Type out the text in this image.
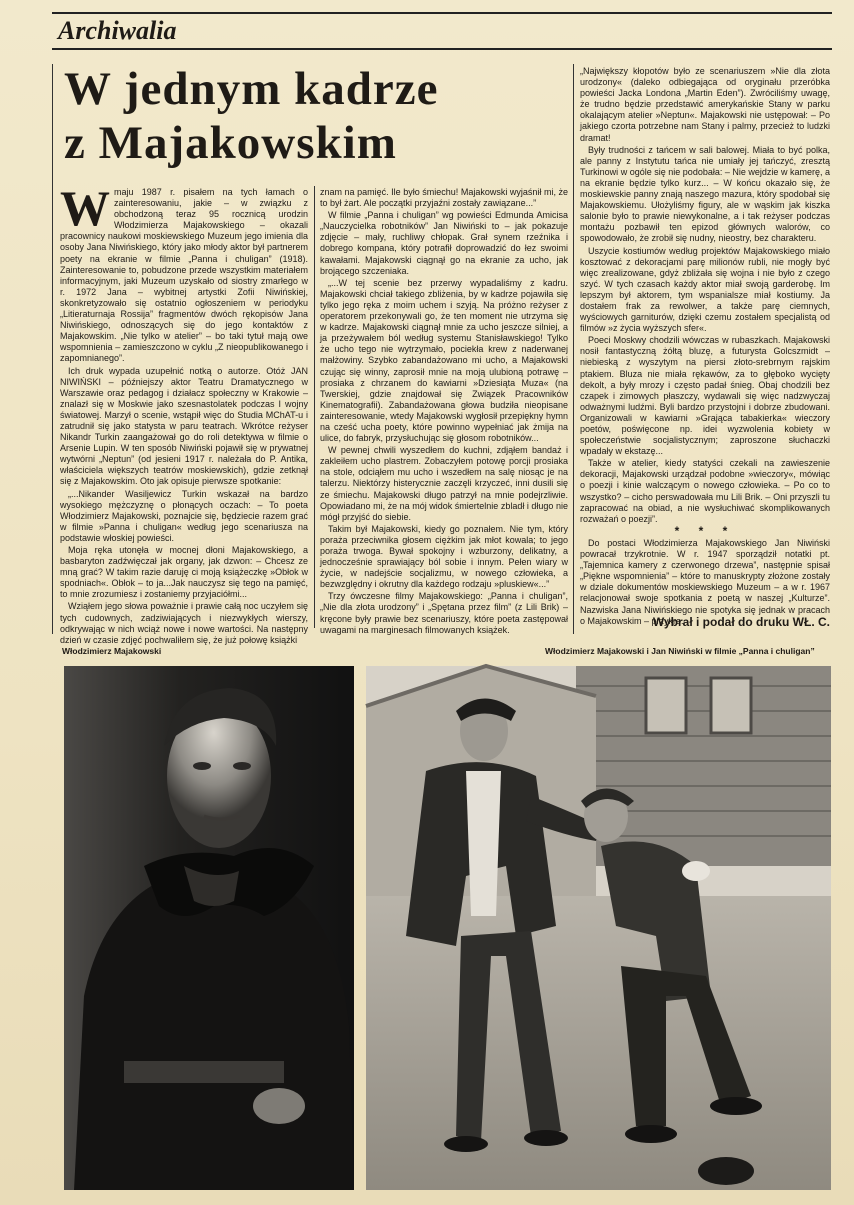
Archiwalia
W jednym kadrze
z Majakowskim

Wmaju 1987 r. pisałem na tych łamach o zainteresowaniu, jakie – w związku z obchodzoną teraz 95 rocznicą urodzin Włodzimierza Majakowskiego – okazali pracownicy naukowi moskiewskiego Muzeum jego imienia dla osoby Jana Niwińskiego, który jako młody aktor był partnerem poety na ekranie w filmie „Panna i chuligan” (1918). Zainteresowanie to, pobudzone przede wszystkim materiałem informacyjnym, jaki Muzeum uzyskało od siostry zmarłego w r. 1972 Jana – wybitnej artystki Zofii Niwińskiej, skonkretyzowało się ostatnio ogłoszeniem w periodyku „Litieraturnaja Rossija” fragmentów dwóch rękopisów Jana Niwińskiego, odnoszących się do jego kontaktów z Majakowskim. „Nie tylko w atelier” – bo taki tytuł mają owe wspomnienia – zamieszczono w cyklu „Z nieopublikowanego i zapomnianego”.

Ich druk wypada uzupełnić notką o autorze. Otóż JAN NIWIŃSKI – późniejszy aktor Teatru Dramatycznego w Warszawie oraz pedagog i działacz społeczny w Krakowie – znalazł się w Moskwie jako szesnastolatek podczas I wojny światowej. Marzył o scenie, wstąpił więc do Studia MChAT-u i zatrudnił się jako statysta w paru teatrach. Wkrótce reżyser Nikandr Turkin zaangażował go do roli detektywa w filmie o Arsenie Lupin. W ten sposób Niwiński pojawił się w prywatnej wytwórni „Neptun” (od jesieni 1917 r. należała do P. Antika, właściciela większych teatrów moskiewskich), gdzie zetknął się z Majakowskim. Oto jak opisuje pierwsze spotkanie:

„...Nikander Wasiljewicz Turkin wskazał na bardzo wysokiego mężczyznę o płonących oczach: – To poeta Włodzimierz Majakowski, poznajcie się, będziecie razem grać w filmie »Panna i chuligan« według jego scenariusza na podstawie włoskiej powieści.

Moja ręka utonęła w mocnej dłoni Majakowskiego, a basbaryton zadźwięczał jak organy, jak dzwon: – Chcesz ze mną grać? W takim razie daruję ci moją książeczkę »Obłok w spodniach«. Obłok – to ja...Jak nauczysz się tego na pamięć, to mnie zrozumiesz i zostaniemy przyjaciółmi...

Wziąłem jego słowa poważnie i prawie całą noc uczyłem się tych cudownych, zadziwiających i niezwykłych wierszy, odkrywając w nich wciąż nowe i nowe wartości. Na następny dzień w czasie zdjęć pochwaliłem się, że już połowę książki

znam na pamięć. Ile było śmiechu! Majakowski wyjaśnił mi, że to był żart. Ale początki przyjaźni zostały zawiązane...”

W filmie „Panna i chuligan” wg powieści Edmunda Amicisa „Nauczycielka robotników” Jan Niwiński to – jak pokazuje zdjęcie – mały, ruchliwy chłopak. Grał synem rzeźnika i dobrego kompana, który potrafił doprowadzić do łez swoimi kawałami. Majakowski ciągnął go na ekranie za ucho, jak brojącego szczeniaka.

„...W tej scenie bez przerwy wypadaliśmy z kadru. Majakowski chciał takiego zbliżenia, by w kadrze pojawiła się tylko jego ręka z moim uchem i szyją. Na próżno reżyser z operatorem przekonywali go, że ten moment nie utrzyma się w kadrze. Majakowski ciągnął mnie za ucho jeszcze silniej, a ja przeżywałem ból według systemu Stanisławskiego! Tylko że ucho tego nie wytrzymało, pociekła krew z naderwanej małżowiny. Szybko zabandażowano mi ucho, a Majakowski czując się winny, zaprosił mnie na moją ulubioną potrawę – prosiaka z chrzanem do kawiarni »Dziesiąta Muza« (na Twerskiej, gdzie znajdował się Związek Pracowników Kinematografii). Zabandażowana głowa budziła nieopisane zainteresowanie, wtedy Majakowski wygłosił przepiękny hymn na cześć ucha poety, które powinno wypełniać jak żmija na ulice, do fabryk, przysłuchując się głosom robotników...

W pewnej chwili wyszedłem do kuchni, zdjąłem bandaż i zakleiłem ucho plastrem. Zobaczyłem potowę porcji prosiaka na stole, odciąłem mu ucho i wszedłem na salę niosąc je na talerzu. Niektórzy histerycznie zaczęli krzyczeć, inni dusili się ze śmiechu. Majakowski długo patrzył na mnie podejrzliwie. Opowiadano mi, że na mój widok śmiertelnie zbladł i długo nie mógł przyjść do siebie.

Takim był Majakowski, kiedy go poznałem. Nie tym, który poraża przeciwnika głosem ciężkim jak młot kowala; to jego poraża trwoga. Bywał spokojny i wzburzony, delikatny, a jednocześnie sprawiający ból sobie i innym. Pełen wiary w życie, w nadejście socjalizmu, w nowego człowieka, a bezwzględny i okrutny dla każdego rodzaju »pluskiew«...”

Trzy ówczesne filmy Majakowskiego: „Panna i chuligan”, „Nie dla złota urodzony” i „Spętana przez film” (z Lili Brik) – kręcone były prawie bez scenariuszy, które poeta zastępował uwagami na marginesach filmowanych książek.

„Największy kłopotów było ze scenariuszem »Nie dla złota urodzony« (daleko odbiegająca od oryginału przeróbka powieści Jacka Londona „Martin Eden”). Zwróciliśmy uwagę, że trudno będzie przedstawić amerykańskie Stany w parku okalającym atelier »Neptun«. Majakowski nie ustępował: – Po jakiego czorta potrzebne nam Stany i palmy, przecież to ludzki dramat!

Były trudności z tańcem w sali balowej. Miała to być polka, ale panny z Instytutu tańca nie umiały jej tańczyć, zresztą Turkinowi w ogóle się nie podobała: – Nie wejdzie w kamerę, a na ekranie będzie tylko kurz... – W końcu okazało się, że moskiewskie panny znają naszego mazura, który spodobał się Majakowskiemu. Ułożyliśmy figury, ale w wąskim jak kiszka salonie było to prawie niewykonalne, a i tak reżyser podczas montażu pozbawił ten epizod głównych walorów, co spowodowało, że zrobił się nudny, nieostry, bez charakteru.

Uszycie kostiumów według projektów Majakowskiego miało kosztować z dekoracjami parę milionów rubli, nie mogły być więc zrealizowane, gdyż zbliżała się wojna i nie było z czego szyć. W tych czasach każdy aktor miał swoją garderobę. Im lepszym był aktorem, tym wspanialsze miał kostiumy. Ja dostałem frak za rewolwer, a także parę ciemnych, wyściowych garniturów, dzięki czemu zostałem specjalistą od filmów »z życia wyższych sfer«.

Poeci Moskwy chodzili wówczas w rubaszkach. Majakowski nosił fantastyczną żółtą bluzę, a futurysta Golcszmidt – niebieską z wyszytym na piersi złoto-srebrnym rajskim ptakiem. Bluza nie miała rękawów, za to głęboko wycięty dekolt, a były mrozy i często padał śnieg. Obaj chodzili bez czapek i zimowych płaszczy, wydawali się więc nadzwyczaj odważnymi ludźmi. Byli bardzo przystojni i dobrze zbudowani. Organizowali w kawiarni »Grająca tabakierka« wieczory poetów, poświęcone np. idei wyzwolenia kobiety w społeczeństwie socjalistycznym; zaproszone słuchaczki wpadały w ekstazę...

Także w atelier, kiedy statyści czekali na zawieszenie dekoracji, Majakowski urządzał podobne »wieczory«, mówiąc o poezji i kinie walczącym o nowego człowieka. – Po co to wszystko? – cicho perswadowała mu Lili Brik. – Oni przyszli tu zapracować na obiad, a nie wysłuchiwać skomplikowanych rozważań o poezji”.

* * *

Do postaci Włodzimierza Majakowskiego Jan Niwiński powracał trzykrotnie. W r. 1947 sporządził notatki pt. „Tajemnica kamery z czerwonego drzewa”, następnie spisał „Piękne wspomnienia” – które to manuskrypty złożone zostały w dziale dokumentów moskiewskiego Muzeum – a w r. 1967 relacjonował swoje spotkania z poetą w naszej „Kulturze”. Nazwiska Jana Niwińskiego nie spotyka się jednak w pracach o Majakowskim – przykre.

Wybrał i podał do druku WŁ. C.
Włodzimierz Majakowski	Włodzimierz Majakowski i Jan Niwiński w filmie „Panna i chuligan”
